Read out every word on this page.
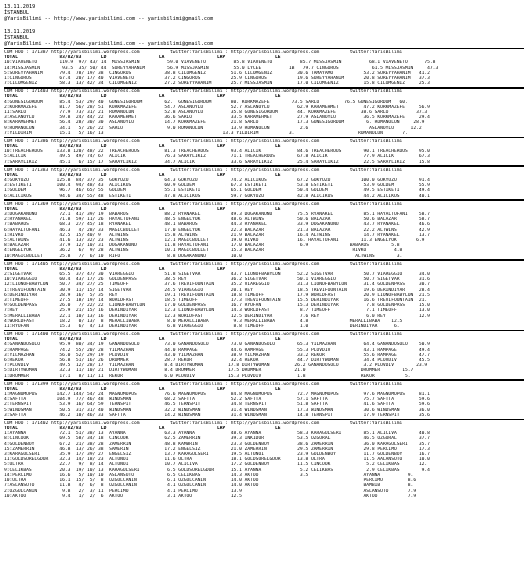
13.11.2019
İSTANBUL
@YarisBilimi -- http://www.yarisbilimi.com -- yarisbilimi@gmail.com
13.11.2019
İSTANBUL
@YarisBilimi -- http://www.yarisbilimi.com -- yarisbilimi@gmail.com
CUM HOO : 171387 http://yarisbilimi.wordpress.com           twitter:YarisBilimi : http://yarisbilimi.wordpress.com           twitter:YarisBilimi
TOTAL               83/82/83       LD                   LA                   LRP                  LE
10:VIAVENETO        119.9  97/ 43/ 14  MISSJASMIN          59.0 VIAVENETO          85.8 VIAVENETO          85.7 MISSJASMIN          68.1 VIAVENETO      75.8
14:MISSJASMIN        93.5  35/ 50/ 44  SUREYYAHANIM        56.9 MISSJASMIN         55.0 LYCEE          1B   79.7 CINGOROS            61.5 MISSJASMIN     47.3
5:SUREYYAHANIM      79.4  78/ 19/ 38  CINGOROS            38.8 CILOMGENIZ         51.6 CILOMGENIZ         30.6 TAMAYAMO           53.2 SUREYYAHANIM   41.2
1:CINGOROS          67.4  20/ 17/ 40  VIAVENETO           37.2 CINGOROS           25.9 CINGOROS           19.6 SUREYYAHANIM       20.8 SUREYYAHANIM   37.3
7:CILOMGENIZ        58.3  13/ 42/ 34  CILOMGENIZ          27.2 SUREYYAHANIM       25.7 MISSJASMIN         17.0 CILOMGENIZ         15.8 CILOMGENIZ     25.3
CUM HOO : 171403 http://yarisbilimi.wordpress.com           twitter:YarisBilimi : http://yarisbilimi.wordpress.com           twitter:YarisBilimi
TOTAL               83/82/83       LD                   LA                   LRP                  LE
4:GUNESIGORDUM      85.4  53/ 29/ 40  GUNESIGORDUM        62.  GUNESIGORDUM       80. KORKMAZEFE        73.5 SARLO         76.5 GUNESIGORDUM   60.
2:KORKMAZEFE        81.7  56/ 28/ 51  KORKMAZEFE          54.7 ASLANOYLU          52.7 ASLANOYLU          62.9 KARAMEHMET         47.2 KORKMAZEFE     56.9
11:SARLO            77.9  73/ 31/ 21  ROMANOLUN           52.8 ASLANOYLU          35.8 GUNESIGORDUM       44. KORKMAZEFE         38.6 SARLO          37.3
3:ASLANOYLU         59.8  24/ 44/ 22  KARAMEHMET          36.6 SARLO              33.5 KARAMEHMET         27.9 ASLANOYLU          36.5 KORKMAZEFE     29.4
8:KARAMEHMET        56.4  28/ 30/ 30  ASLANOYLU           14.7 KORKMAZEFE         21.8 SARLO              17.3 GUNESIGORDUM        6. ROMANOLUN     28.9
9:ROMANOLUN         34.1   5/ 26/ 22  SARLO                9.0 ROMANOLUN          13.9 ROMANOLUN           2.6                      ASLANOYLU      12.2
7:YILDIRIM          15.1   5/ 16/ 13                                           13.3 YILDIRIM           3.                       ROMANOLUN       7.
CUM HOO : 171386 http://yarisbilimi.wordpress.com           twitter:YarisBilimi : http://yarisbilimi.wordpress.com           twitter:YarisBilimi
TOTAL               83/82/83       LD                   LA                   LRP                  LE
10:TREACHEROUS     133.8 120/ 48/ 22  TREACHEROUS         81.3 TREACHEROUS        93.4 ALICIK             84.6 TREACHEROUS        90.1 TREACHEROUS    95.0
5:ALICIK            49.5  49/ 74/ 67  ALICIK              76.3 SARAYLIKIZ         71.1 TREACHEROUS        67.8 ALICIK             77.9 ALICIK         67.3
7:SARAYLIKIZ        45.1   6/ 15/ 17  SARAYLIKIZ          34.7 ALICIK             33.6 SARAYLIKIZ         25.4 SARAYLIKIZ         22.5 SARAYLIKIZ     15.8
CUM HOO : 171383 http://yarisbilimi.wordpress.com           twitter:YarisBilimi : http://yarisbilimi.wordpress.com           twitter:YarisBilimi
TOTAL               83/82/83       LD                   LA                   LRP                  LE
4:GOKYUZU          125.8  84/ 37/ 35  GOKYUZU             64.3 GOKYUZU            74.2 ALICIKUS           67.2 GOKYUZU           100.0 GOKYUZU        91.4
3:ESTIKETI         100.4  94/ 48/ 43  ALICIKUS            60.9 GOLDEM             67.3 ESTIKETI           53.8 ESTIKETI           53.9 GOLDEM         55.9
1:GOLDEM            96.7  46/ 65/ 55  GOLDEM              55.1 ESTIKETI           65.1 GOLDEM             50.4 GOLDEM             49.5 ESTIKETI       49.4
6:ALICIKUS          94.6  34/ 55/ 48  ESTIKETI            47.8 ALICIKUS           59.7 GOKYUZU            42.8 ALICIKUS           44.2 ALICIKUS       40.1
CUM HOO : 171369 http://yarisbilimi.wordpress.com           twitter:YarisBilimi : http://yarisbilimi.wordpress.com           twitter:YarisBilimi
TOTAL               83/82/83       LD                   LA                   LRP                  LE
3:DOGAKANUNU        72.1  41/ 39/ 19  BABAROS             88.2 RYANAKEL           49.3 DOGAKANUNU         75.5 RYANAKEL           85.1 HAYALTUFANI    58.7
2:RYANAKEL          71.8  59/ 11/ 26  HAYALTUFANI         48.5 ENGELYOK           48.6 ALTWINS            50.6 BALAZAR            50.6 BALAZAR        58.7
7:BABAROS           68.3  27/ 45/ 18  RYANAKEL            48.1 BABAROS            44.3 RYANAKEL           33.9 DOGAKANUNU         43.7 RYANAKEL       46.6
6:HAYALTUFANI       46.3   4/ 28/ 33  MAGICBULLET         17.0 ENGELYOK           22.3 BALAZAR            21.3 BALAZAR            22.2 ALTWINS        42.9
1:RIVKO             42.5  15/ 40/ 9   ALTWINS             15.8 ALTWINS            21.9 BALAZAR            16.4 ALTWINS            14.7 RYANAKEL       13.7
5:ALTWINS           41.6  13/ 32/ 23  ALTWINS             12.1 MAGICBULLET        19.0 RIVKO              16. HAYALTUFANI        11.3 ENGELYOK       6.9
8:BALAZAR           37.9  12/ 10/ 31  DOGAKANUNU          11.8 HAYALTUFANI        17.0 BALAZAR             6.9               BABAROS        5.8
4:ENGELYOK          36.2   6/  9/ 28  ALTWINS             10.1 MAGICBULLET        15.3 BALAZAR                                RIVKO          4.8
10:MAGICBULLET      25.8   7/  6/ 10  RIFO                 8.8 DOGAKANUNU         10.0                                         ALTWINS        3.
CUM HOO : 171405 http://yarisbilimi.wordpress.com           twitter:YarisBilimi : http://yarisbilimi.wordpress.com           twitter:YarisBilimi
TOTAL               83/82/83       LD                   LA                   LRP                  LE
2:SIGETVAR          65.5  37/ 47/ 30  VIAREGGIO           51.8 SIGETVAR           43.7 LIONOFBABYLON      52.2 SIGETVAR           50.7 VIAREGGIO      34.0
10:VIAREGGIO        60.4  43/ 17/ 26  GOLDENPASS          38.5 REY                36.2 SIGETVAR           50.1 VIAREGGIO          50.7 SIGETVAR       31.6
12:LIONOFBABYLON    50.7  34/ 27/ 25  TIMEOFF             37.6 TREVIFOUNTAIN      35.2 VIAREGGIO          31.3 LIONOFBABYLON      31.4 GOLDENPASS     30.7
1:TREVIFOUNTAIN     30.9  11/ 15/ 14  SIGETVAR            24.5 VIAREGGIO          20.1 REY                18.5 TREVIFOUNTAIN      19.6 DERINDIYAR     28.4
6:DERINDIYAR        28.9  16/  5/ 35  REY                 19.1 TREVIFOUNTAIN      18.8 TIMEOFF            17.9 WORLDFAST          20.9 LIONOFBABYLON  21.5
3:TIMEOFF           27.5  18/ 19/ 14  WORLDFAST           18.5 TIMEOFF            17.3 TREVIFOUNTAIN      15.5 DERINDIYAR         16.6 TREVIFOUNTAIN  21.
9:GOLDENPASS        26.0   7/ 22/ 22  LIONOFBABYLON       17.0 GOLDENPASS         16.7 RYUFAN             15.3 DERINDIYAR          7.8 GOLDENPASS     15.0
7:REY               25.9  21/ 15/ 16  DERINDIYAR          12.3 LIONOFBABYLON      14.3 WORLDFAST           8.7 TIMEOFF             7.1 TIMEOFF        13.0
5:MERALLIBABA       22.1  10/ 13/ 16  DERINDIYAR          12.3 WORLDFAST          12.5 DERINDIYAR          7.6 REY                 6.0 REY            12.9
4:WORLDFAST         18.2   0/ 13/  8  MERALLIBABA          8.0 MERALLIBABA         9.3 MERALLIBABA         4.8               MERALLIBABA    12.5
11:RYUFAN           15.3   6/  4/ 13  DERINDIYAR           6.8 VIAREGGIO           8.8 TIMEOFF             1.0               DERINDIYAR      6.
CUM HOO : 171400 http://yarisbilimi.wordpress.com           twitter:YarisBilimi : http://yarisbilimi.wordpress.com           twitter:YarisBilimi
TOTAL               83/82/83       LD                   LA                   LRP                  LE
4:GANANDOSOLO       95.9  80/ 34/ 19  GANANDOSOLO         73.0 GANANDOSOLO        73.0 GANANDOSOLO        65.3 YILMAZHAN          64.4 GANANDOSOLO    50.9
2:RAMPAGE           74.2  55/ 20/ 28  YILMAZHAN           44.0 RAMPAGE            44.6 RAMPAGE            55.3 PLOVDIV            43.1 RAMPAGE        49.4
3:YILMAZHAN         56.0  52/ 29/ 19  PLOVDIV             43.0 YILMAZHAN          38.9 YILMAZHAN          33.2 REKOR              55.6 RAMPAGE        47.7
6:REKOR             56.8  51/ 16/ 26  DRUMMER             28.7 REKOR              32.4 REKOR              44.7 DIRTYWOMAN         34.4 PLOVDIV        45.5
7:PLOVDIV           49.5  12/ 28/ 17  YILMAZHAN           8.4 DIRTYWOMAN         17.8 DIRTYWOMAN         26.2 GANANDOSOLO         3.2 PLOVDIV        23.9
5:DIRTYWOMAN        32.3  11/ 10/ 21  DIRTYWOMAN          8.4 DRUMMER            17.5 DRUMMER            21.0                    DRUMMER        15.7
1:DRUMMER           17.1   8/ 11/ 11  REKOR               6.0 PLOVDIV            15.3 PLOVDIV             1.8                    REKOR           5.
CUM HOO : 171399 http://yarisbilimi.wordpress.com           twitter:YarisBilimi : http://yarisbilimi.wordpress.com           twitter:YarisBilimi
TOTAL               83/82/83       LD                   LA                   LRP                  LE
1:MAGNUMOPUS       142.7 144/ 54/ 24  MAGNUMOPUS          76.6 MAGNUMOPUS         84.8 MAGNUMOPUS         72.7 MAGNUMOPUS         97.6 MAGNUMOPUS     81.1
4:SAFTTA           104.9  77/ 46/ 48  WINDSMAN            68.2 SAFTTA             52.2 SAFTTA             57.1 SAFTTA             75.7 SAFTTA         59.6
2:TERNSPIT          53.9  16/ 64/ 59  TERNSPIT            46.5 TERNSPIT           34.8 TERNSPIT           51.8 SAFTTA             41.6 SAFTTA         59.6
5:WINDSMAN          50.5  31/ 31/ 40  WINDSMAN            32.2 WINDSMAN           31.4 WINDSMAN           17.3 WINDSMAN           30.6 WINDSMAN       36.0
3:SAFTTA            46.2  10/ 46/ 33  SAFTTA              14.2 WINDSMAN           31.4 WINDSMAN           14.8 TERNSPIT           17.9 TERNSPIT       35.6
CUM HOO : 171402 http://yarisbilimi.wordpress.com           twitter:YarisBilimi : http://yarisbilimi.wordpress.com           twitter:YarisBilimi
TOTAL               83/82/83       LD                   LA                   LRP                  LE
1:AYANNA            72.1  51/ 38/ 13  AYANNA              63.3 AYANNA             48.6 AYANNA             58.3 KARAGULSERI        85.1 ALICIVA        40.8
8:CINCOOK           69.5  58/ 34/ 18  CINCOOK             62.5 ZAMERRIN           39.3 INKIDUR            53.5 OZGURAL            46.5 OZGURAL        37.7
4:GOLDENBOY         67.2  21/ 38/ 28  ZAMERRIN            48.8 KAMBRIN            23.3 GOLDENBOY          38.6 ZAMERRIN           36.0 KARAGULSERI    35.7
15:ZAMERRIN         46.8  13/ 26/ 38  SAMERIN             17.2 ENGELSIZ           21.0 ZAMERRIN           29.5 ZAMERRIN           29.8 PERCIMO        17.3
3:KARAGULSERI       35.9  17/ 39/ 27  ENGELSIZ            13.7 KARAGULSERI        19.5 ALTUNOI            23.9 GOLDENBOY          11.7 GOLDENBOY      16.7
11:GOLDSURELGDUR    32.3  14/ 18/ 23  ALTUNOI             11.6 ULTRA              18.1 GOLDSURELGDUR      13.8 ULTRA              11.5 AALANSUTO      10.0
5:ULTRA             22.7   9/  8/ 14  ALTUNOI             10.7 ALICIVA            17.2 GOLDENBOY          11.5 CINCOOK             5.2 CELIKBAS       12.
9:CELIKBAS          20.3  19/ 10/ 13  KARAGULSERI          6.5 GOLDSURELGDUR      15.1 AYANNA              5.2 CELIKBAS            2.9 CELIKBAS        9.4
14:PERCIMO          16.6   5/ 10/ 10  ASLANSUTO            6.5 CELIKBAS           14.3 AKTOO               3.5                    AYANNA          9.
10:ULTRA            16.1  15/  5/  8  OZGULCANIN           6.1 OZGULCANIN         14.0 AKTOO                                      PERCIMO         8.6
7:ASLANSUTO         11.8   4/  6/  8  OZGULCANIN           4.1 OZGULCANIN         14.0 AKTOO                                      BAMBIB          8.
2:OZGULCANIN         9.8   2/  3/ 11  PERCIMO              4.1 PERCIMO            13.9                                            ASLANSUTO       7.9
10:AKTOO             9.4   1/  2/  6  AKTOO                3.1 AKTOO              12.5                                            AKTOO           7.9
